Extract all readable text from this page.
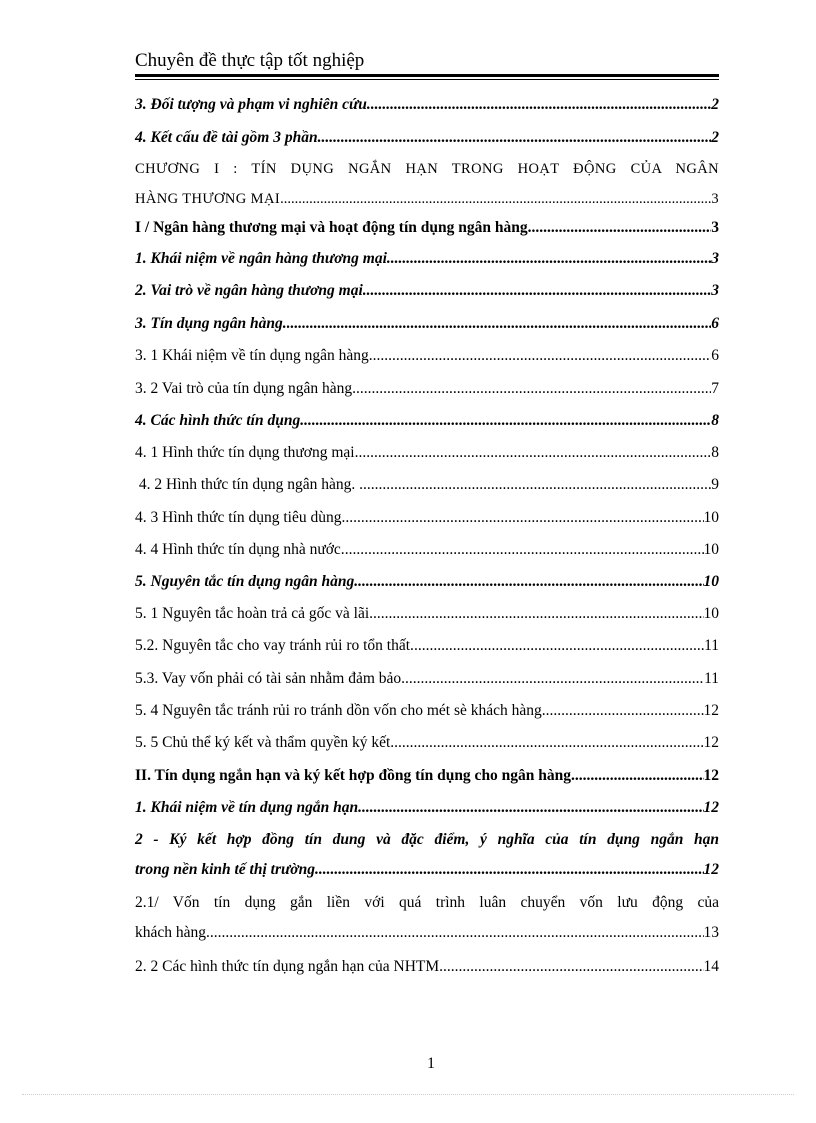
Chuyên đề thực tập tốt nghiệp
3. Đối tượng và phạm vi nghiên cứu. .....	2
4. Kết cấu đề tài gồm 3 phần. .....	2
CHƯƠNG I : TÍN DỤNG NGẮN HẠN TRONG HOẠT ĐỘNG CỦA NGÂN
HÀNG THƯƠNG MẠI .....	3
I / Ngân hàng thương mại và hoạt động tín dụng ngân hàng .....	3
1. Khái niệm về ngân hàng thương mại .....	3
2. Vai trò về ngân hàng thương mại .....	3
3. Tín dụng ngân hàng. .....	6
3. 1 Khái niệm về tín dụng ngân hàng. .....	6
3. 2 Vai trò của tín dụng ngân hàng. .....	7
4. Các hình thức tín dụng. .....	8
4. 1 Hình thức tín dụng thương mại. .....	8
4. 2 Hình thức tín dụng ngân hàng. .....	9
4. 3 Hình thức tín dụng tiêu dùng. .....	10
4. 4 Hình thức tín dụng nhà nước. .....	10
5. Nguyên tắc tín dụng ngân hàng. .....	10
5. 1 Nguyên tắc hoàn trả cả gốc và lãi. .....	10
5.2. Nguyên tắc cho vay tránh rủi ro tổn thất. .....	11
5.3. Vay vốn phải có tài sản nhằm đảm bảo .....	11
5. 4 Nguyên tắc tránh rủi ro tránh dồn vốn cho mét sè khách hàng. .....	12
5. 5 Chủ thể ký kết và thẩm quyền ký kết. .....	12
II. Tín dụng ngắn hạn và ký kết hợp đồng tín dụng cho ngân hàng .....	12
1. Khái niệm về tín dụng ngắn hạn. .....	12
2 - Ký kết hợp đồng tín dung và đặc điểm, ý nghĩa của tín dụng ngắn hạn
trong nền kinh tế thị trường .....	12
2.1/ Vốn tín dụng gắn liền với quá trình luân chuyển vốn lưu động của
khách hàng .....	13
2. 2 Các hình thức tín dụng ngắn hạn của NHTM .....	14
1
